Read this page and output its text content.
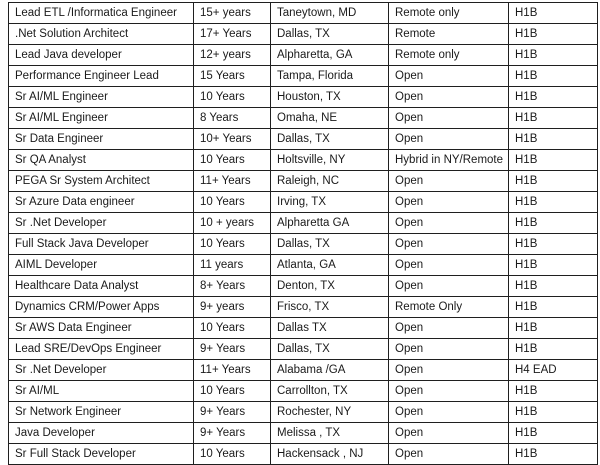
Lead ETL /Informatica Engineer	15+ years	Taneytown, MD	Remote only	H1B
.Net Solution Architect	17+ Years	Dallas, TX	Remote	H1B
Lead Java developer	12+ years	Alpharetta, GA	Remote only	H1B
Performance Engineer Lead	15 Years	Tampa, Florida	Open	H1B
Sr AI/ML Engineer	10 Years	Houston, TX	Open	H1B
Sr AI/ML Engineer	8 Years	Omaha, NE	Open	H1B
Sr Data Engineer	10+ Years	Dallas, TX	Open	H1B
Sr QA Analyst	10 Years	Holtsville, NY	Hybrid in NY/Remote	H1B
PEGA Sr System Architect	11+ Years	Raleigh, NC	Open	H1B
Sr Azure Data engineer	10 Years	Irving, TX	Open	H1B
Sr .Net Developer	10 + years	Alpharetta GA	Open	H1B
Full Stack Java Developer	10 Years	Dallas, TX	Open	H1B
AIML Developer	11 years	Atlanta, GA	Open	H1B
Healthcare Data Analyst	8+ Years	Denton, TX	Open	H1B
Dynamics CRM/Power Apps	9+ years	Frisco, TX	Remote Only	H1B
Sr AWS Data Engineer	10 Years	Dallas TX	Open	H1B
Lead SRE/DevOps Engineer	9+ Years	Dallas, TX	Open	H1B
Sr .Net Developer	11+ Years	Alabama /GA	Open	H4 EAD
Sr AI/ML	10 Years	Carrollton, TX	Open	H1B
Sr Network Engineer	9+ Years	Rochester, NY	Open	H1B
Java Developer	9+ Years	Melissa , TX	Open	H1B
Sr Full Stack Developer	10 Years	Hackensack , NJ	Open	H1B
